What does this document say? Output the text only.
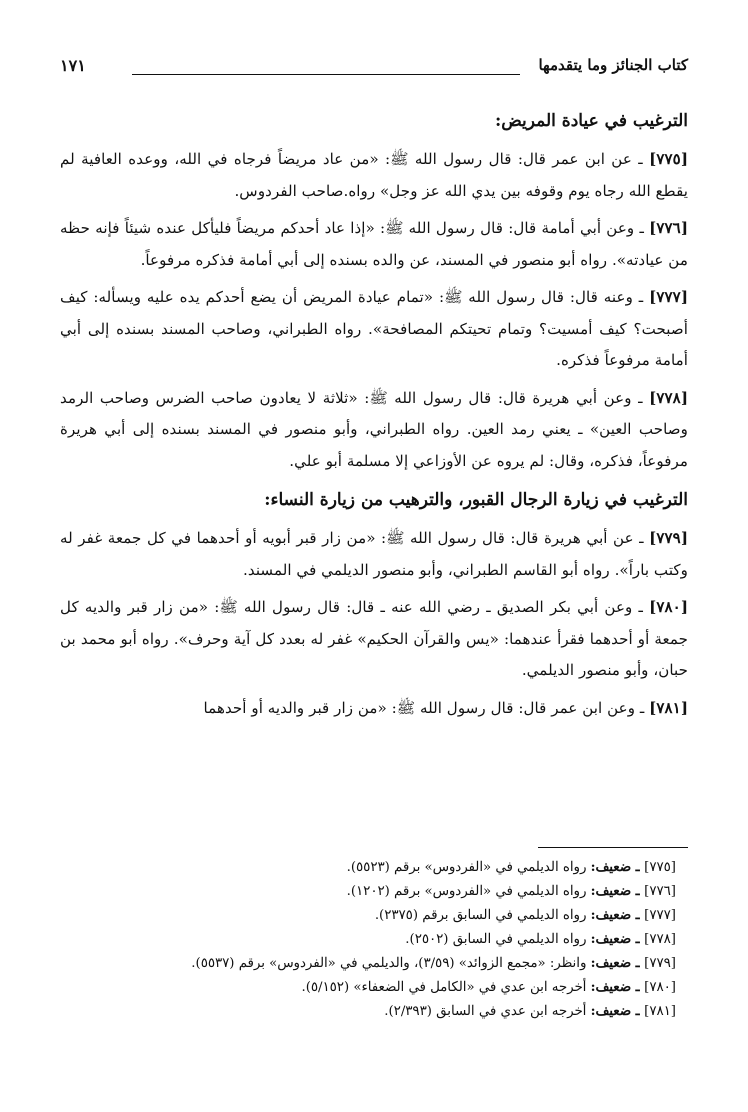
كتاب الجنائز وما يتقدمها
١٧١
الترغيب في عيادة المريض:

[٧٧٥] ـ عن ابن عمر قال: قال رسول الله ﷺ: «من عاد مريضاً فرجاه في الله، ووعده العافية لم يقطع الله رجاه يوم وقوفه بين يدي الله عز وجل» رواه.صاحب الفردوس.

[٧٧٦] ـ وعن أبي أمامة قال: قال رسول الله ﷺ: «إذا عاد أحدكم مريضاً فليأكل عنده شيئاً فإنه حظه من عيادته». رواه أبو منصور في المسند، عن والده بسنده إلى أبي أمامة فذكره مرفوعاً.

[٧٧٧] ـ وعنه قال: قال رسول الله ﷺ: «تمام عيادة المريض أن يضع أحدكم يده عليه ويسأله: كيف أصبحت؟ كيف أمسيت؟ وتمام تحيتكم المصافحة». رواه الطبراني، وصاحب المسند بسنده إلى أبي أمامة مرفوعاً فذكره.

[٧٧٨] ـ وعن أبي هريرة قال: قال رسول الله ﷺ: «ثلاثة لا يعادون صاحب الضرس وصاحب الرمد وصاحب العين» ـ يعني رمد العين. رواه الطبراني، وأبو منصور في المسند بسنده إلى أبي هريرة مرفوعاً، فذكره، وقال: لم يروه عن الأوزاعي إلا مسلمة أبو علي.

الترغيب في زيارة الرجال القبور، والترهيب من زيارة النساء:

[٧٧٩] ـ عن أبي هريرة قال: قال رسول الله ﷺ: «من زار قبر أبويه أو أحدهما في كل جمعة غفر له وكتب باراً». رواه أبو القاسم الطبراني، وأبو منصور الديلمي في المسند.

[٧٨٠] ـ وعن أبي بكر الصديق ـ رضي الله عنه ـ قال: قال رسول الله ﷺ: «من زار قبر والديه كل جمعة أو أحدهما فقرأ عندهما: «يس والقرآن الحكيم» غفر له بعدد كل آية وحرف». رواه أبو محمد بن حبان، وأبو منصور الديلمي.

[٧٨١] ـ وعن ابن عمر قال: قال رسول الله ﷺ: «من زار قبر والديه أو أحدهما

[٧٧٥] ـ ضعيف: رواه الديلمي في «الفردوس» برقم (٥٥٢٣).

[٧٧٦] ـ ضعيف: رواه الديلمي في «الفردوس» برقم (١٢٠٢).

[٧٧٧] ـ ضعيف: رواه الديلمي في السابق برقم (٢٣٧٥).

[٧٧٨] ـ ضعيف: رواه الديلمي في السابق (٢٥٠٢).

[٧٧٩] ـ ضعيف: وانظر: «مجمع الزوائد» (٣/٥٩)، والديلمي في «الفردوس» برقم (٥٥٣٧).

[٧٨٠] ـ ضعيف: أخرجه ابن عدي في «الكامل في الضعفاء» (٥/١٥٢).

[٧٨١] ـ ضعيف: أخرجه ابن عدي في السابق (٢/٣٩٣).
